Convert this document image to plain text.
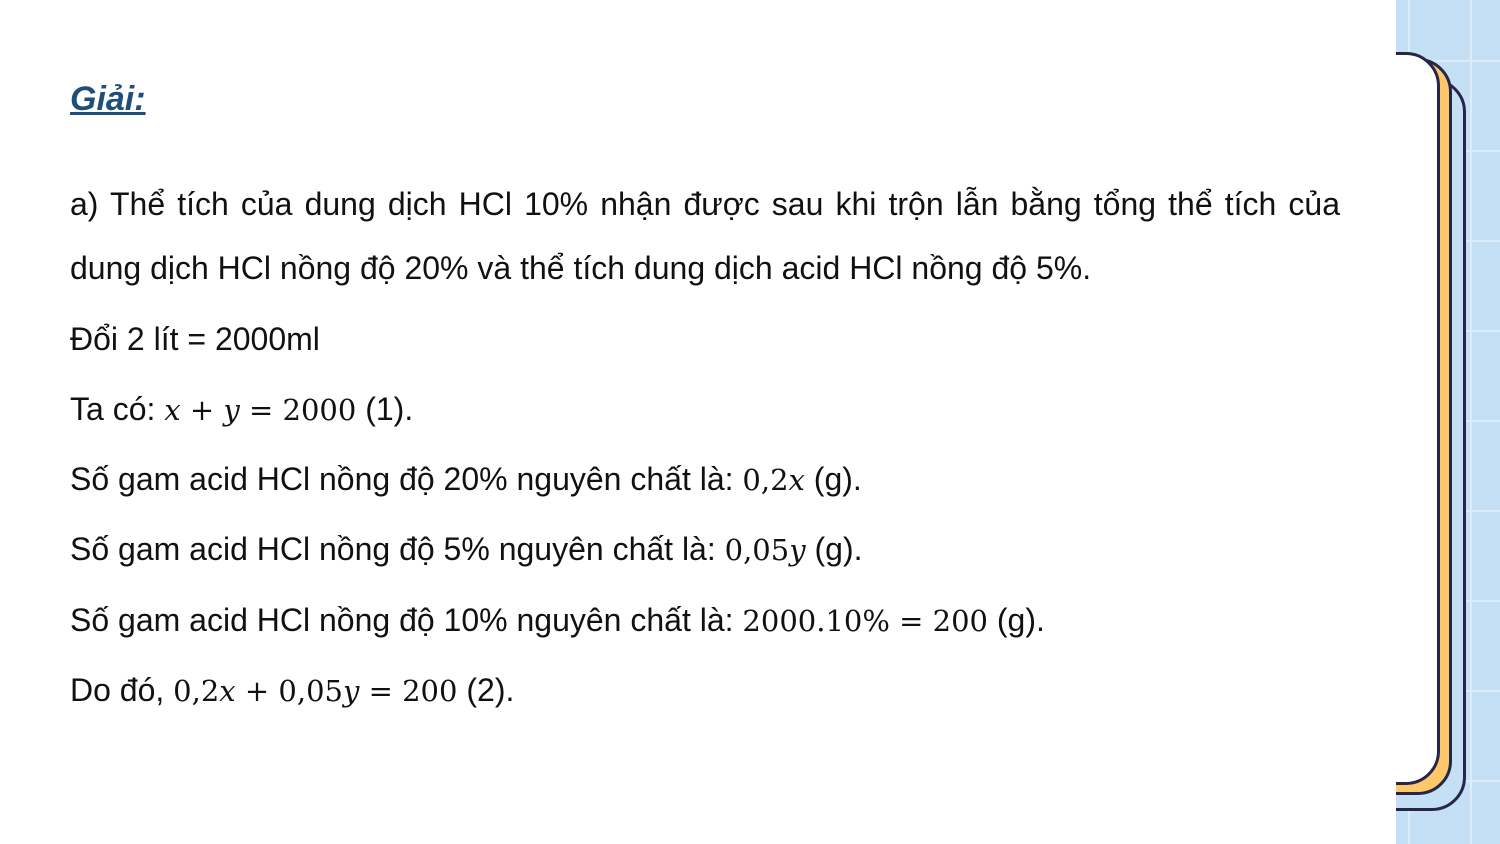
Giải:

a) Thể tích của dung dịch HCl 10% nhận được sau khi trộn lẫn bằng tổng thể tích của dung dịch HCl nồng độ 20% và thể tích dung dịch acid HCl nồng độ 5%.

Đổi 2 lít = 2000ml
Ta có: x + y = 2000 (1).
Số gam acid HCl nồng độ 20% nguyên chất là: 0,2x (g).
Số gam acid HCl nồng độ 5% nguyên chất là: 0,05y (g).
Số gam acid HCl nồng độ 10% nguyên chất là: 2000.10% = 200 (g).
Do đó, 0,2x + 0,05y = 200 (2).
